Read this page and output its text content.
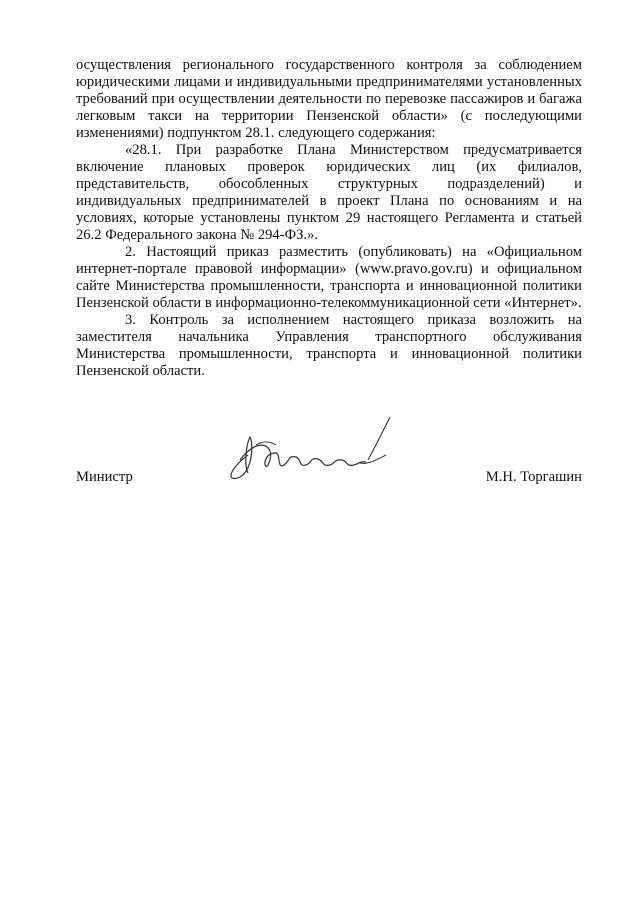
осуществления регионального государственного контроля за соблюдением юридическими лицами и индивидуальными предпринимателями установленных требований при осуществлении деятельности по перевозке пассажиров и багажа легковым такси на территории Пензенской области» (с последующими изменениями) подпунктом 28.1. следующего содержания:

«28.1. При разработке Плана Министерством предусматривается включение плановых проверок юридических лиц (их филиалов, представительств, обособленных структурных подразделений) и индивидуальных предпринимателей в проект Плана по основаниям и на условиях, которые установлены пунктом 29 настоящего Регламента и статьей 26.2 Федерального закона № 294-ФЗ.».

2. Настоящий приказ разместить (опубликовать) на «Официальном интернет-портале правовой информации» (www.pravo.gov.ru) и официальном сайте Министерства промышленности, транспорта и инновационной политики Пензенской области в информационно-телекоммуникационной сети «Интернет».

3. Контроль за исполнением настоящего приказа возложить на заместителя начальника Управления транспортного обслуживания Министерства промышленности, транспорта и инновационной политики Пензенской области.

Министр	М.Н. Торгашин
